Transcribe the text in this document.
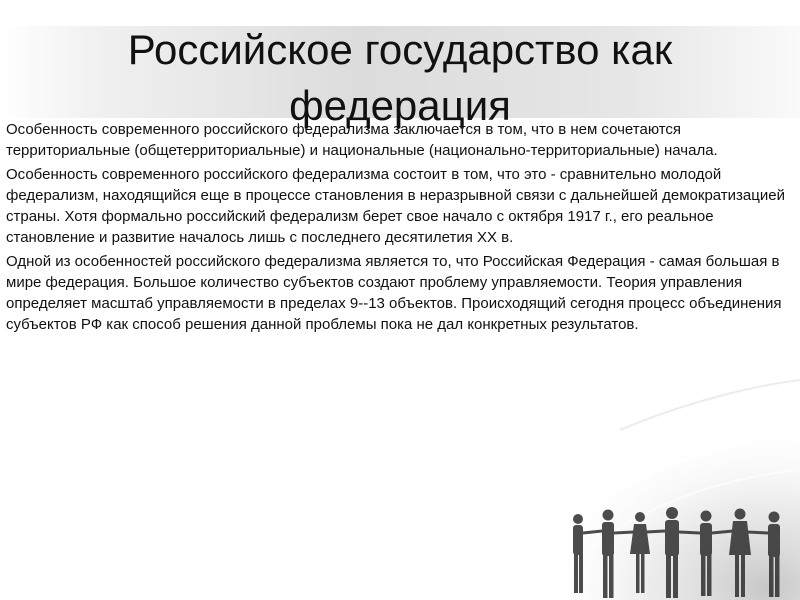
Российское государство как федерация

Особенность современного российского федерализма заключается в том, что в нем сочетаются территориальные (общетерриториальные) и национальные (национально-территориальные) начала.

Особенность современного российского федерализма состоит в том, что это - сравнительно молодой федерализм, находящийся еще в процессе становления в неразрывной связи с дальнейшей демократизацией страны. Хотя формально российский федерализм берет свое начало с октября 1917 г., его реальное становление и развитие началось лишь с последнего десятилетия XX в.

Одной из особенностей российского федерализма является то, что Российская Федерация - самая большая в мире федерация. Большое количество субъектов создают проблему управляемости. Теория управления определяет масштаб управляемости в пределах 9--13 объектов. Происходящий сегодня процесс объединения субъектов РФ как способ решения данной проблемы пока не дал конкретных результатов.
